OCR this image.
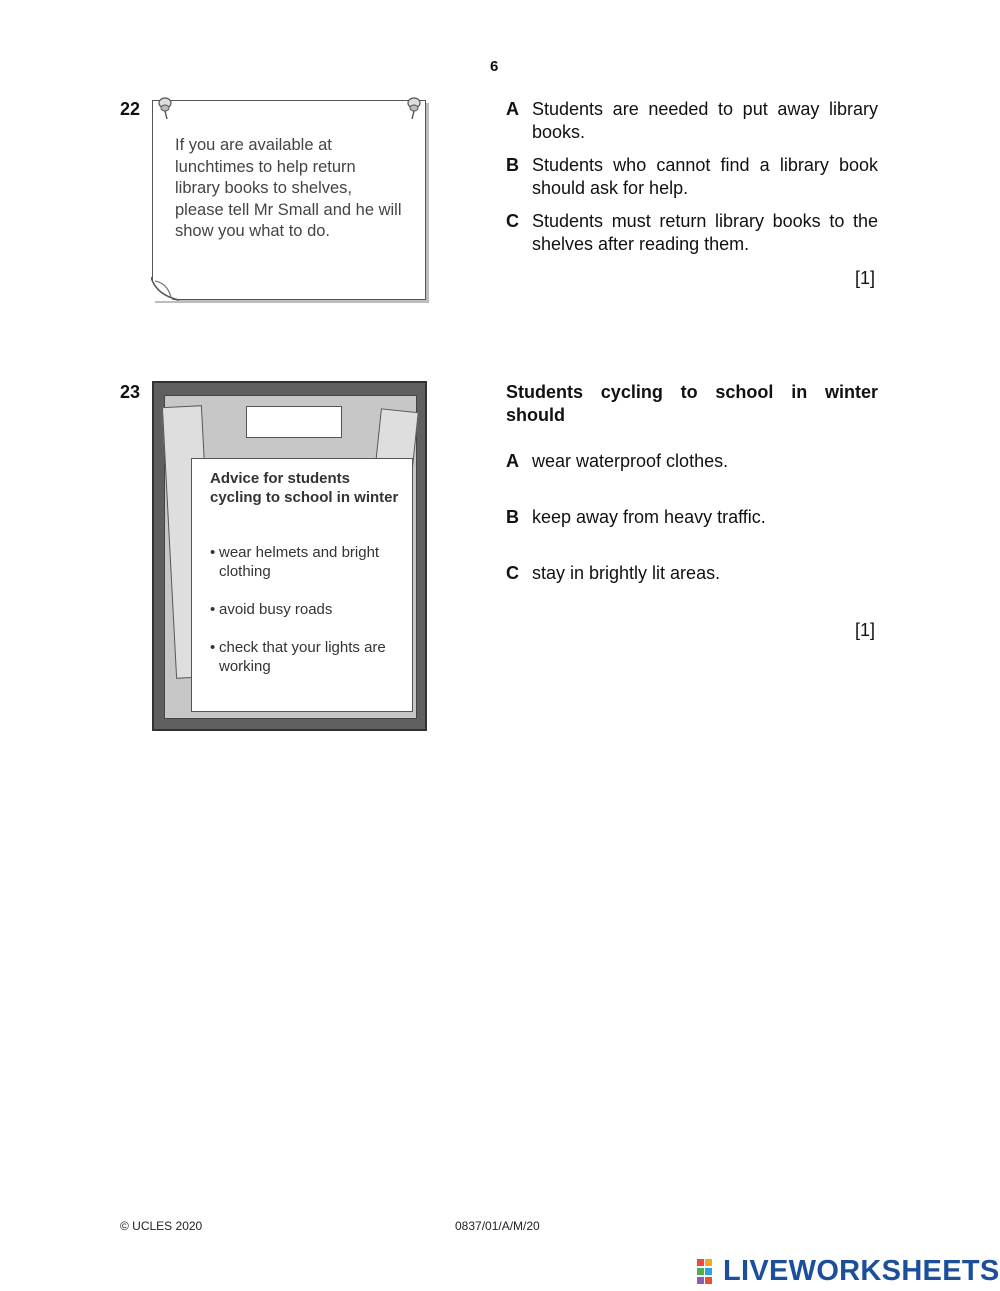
6
22
If you are available at lunchtimes to help return library books to shelves, please tell Mr Small and he will show you what to do.
A Students are needed to put away library books.
B Students who cannot find a library book should ask for help.
C Students must return library books to the shelves after reading them.
[1]
23
Advice for students cycling to school in winter
• wear helmets and bright clothing
• avoid busy roads
• check that your lights are working
Students cycling to school in winter should
A wear waterproof clothes.
B keep away from heavy traffic.
C stay in brightly lit areas.
[1]
© UCLES 2020	0837/01/A/M/20
LIVEWORKSHEETS
